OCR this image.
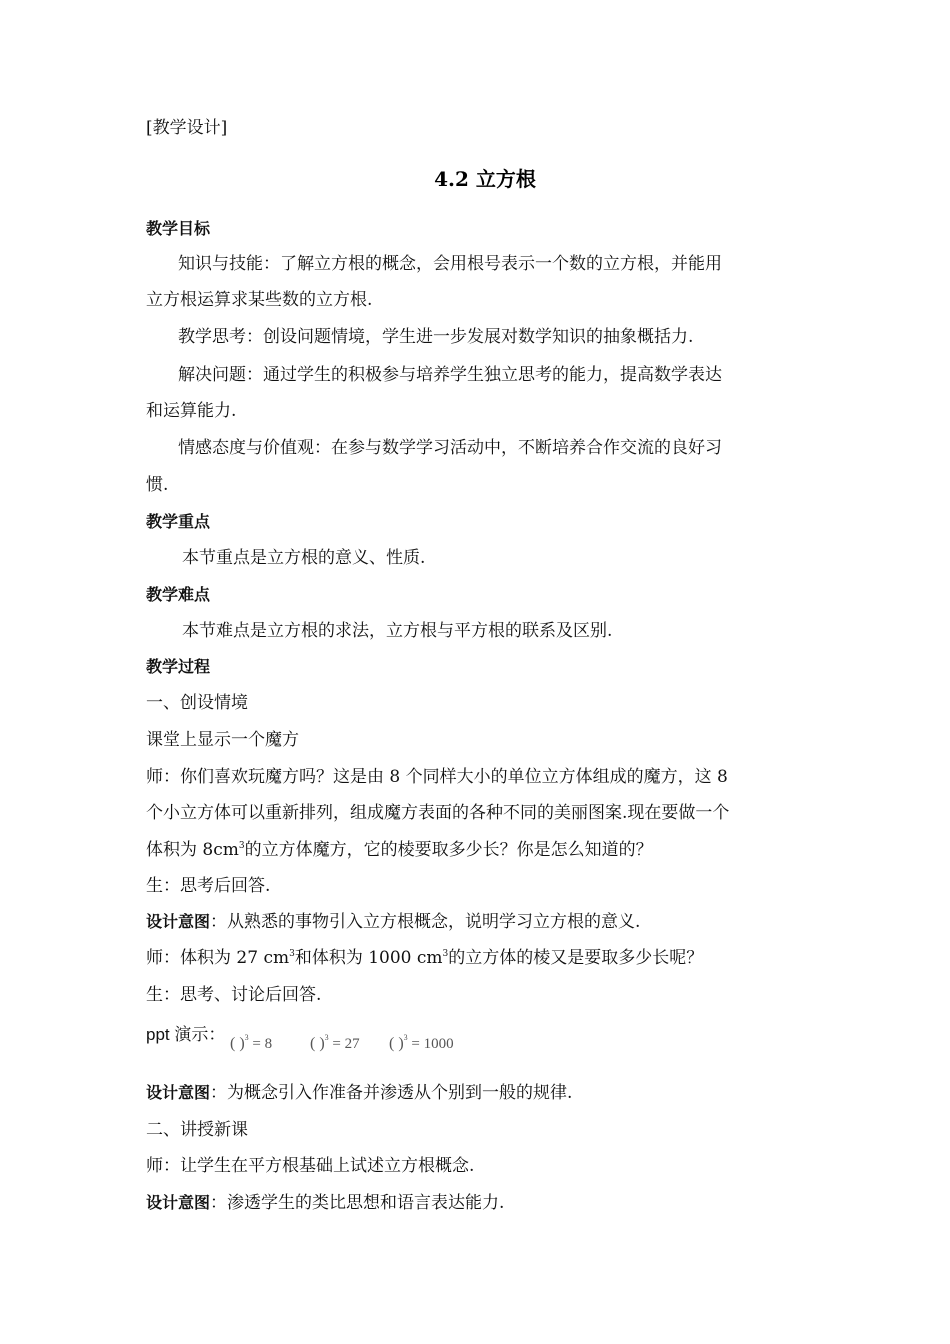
[教学设计]
4.2 立方根
教学目标
知识与技能：了解立方根的概念，会用根号表示一个数的立方根，并能用
立方根运算求某些数的立方根.
教学思考：创设问题情境，学生进一步发展对数学知识的抽象概括力.
解决问题：通过学生的积极参与培养学生独立思考的能力，提高数学表达
和运算能力.
情感态度与价值观：在参与数学学习活动中，不断培养合作交流的良好习
惯.
教学重点
本节重点是立方根的意义、性质.
教学难点
本节难点是立方根的求法，立方根与平方根的联系及区别.
教学过程
一、创设情境
课堂上显示一个魔方
师：你们喜欢玩魔方吗？这是由 8 个同样大小的单位立方体组成的魔方，这 8
个小立方体可以重新排列，组成魔方表面的各种不同的美丽图案.现在要做一个
体积为 $8cm^3$的立方体魔方，它的棱要取多少长？你是怎么知道的？
生：思考后回答.
设计意图：从熟悉的事物引入立方根概念，说明学习立方根的意义.
师：体积为 27 $cm^3$和体积为 1000 $cm^3$的立方体的棱又是要取多少长呢？
生：思考、讨论后回答.
ppt 演示： ( )$^3$ = 8 ( )$^3$ = 27 ( )$^3$ = 1000
设计意图：为概念引入作准备并渗透从个别到一般的规律.
二、讲授新课
师：让学生在平方根基础上试述立方根概念.
设计意图：渗透学生的类比思想和语言表达能力.
